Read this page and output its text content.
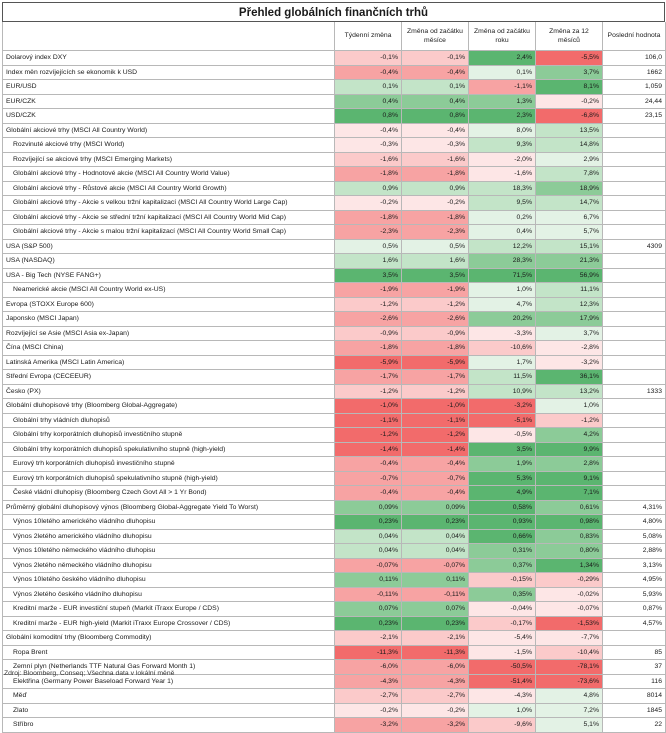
Přehled globálních finančních trhů
	Týdenní změna	Změna od začátku měsíce	Změna od začátku roku	Změna za 12 měsíců	Poslední hodnota
Dolarový index DXY	-0,1%	-0,1%	2,4%	-5,5%	106,0
Index měn rozvíjejících se ekonomik k USD	-0,4%	-0,4%	0,1%	3,7%	1662
EUR/USD	0,1%	0,1%	-1,1%	8,1%	1,059
EUR/CZK	0,4%	0,4%	1,3%	-0,2%	24,44
USD/CZK	0,8%	0,8%	2,3%	-6,8%	23,15
Globální akciové trhy (MSCI All Country World)	-0,4%	-0,4%	8,0%	13,5%	
Rozvinuté akciové trhy (MSCI World)	-0,3%	-0,3%	9,3%	14,8%	
Rozvíjející se akciové trhy (MSCI Emerging Markets)	-1,6%	-1,6%	-2,0%	2,9%	
Globální akciové trhy - Hodnotové akcie (MSCI All Country World Value)	-1,8%	-1,8%	-1,6%	7,8%	
Globální akciové trhy - Růstové akcie (MSCI All Country World Growth)	0,9%	0,9%	18,3%	18,9%	
Globální akciové trhy - Akcie s velkou tržní kapitalizací (MSCI All Country World Large Cap)	-0,2%	-0,2%	9,5%	14,7%	
Globální akciové trhy - Akcie se střední tržní kapitalizací (MSCI All Country World Mid Cap)	-1,8%	-1,8%	0,2%	6,7%	
Globální akciové trhy - Akcie s malou tržní kapitalizací (MSCI All Country World Small Cap)	-2,3%	-2,3%	0,4%	5,7%	
USA (S&P 500)	0,5%	0,5%	12,2%	15,1%	4309
USA (NASDAQ)	1,6%	1,6%	28,3%	21,3%	
USA - Big Tech (NYSE FANG+)	3,5%	3,5%	71,5%	56,9%	
Neamerické akcie (MSCI All Country World ex-US)	-1,9%	-1,9%	1,0%	11,1%	
Evropa (STOXX Europe 600)	-1,2%	-1,2%	4,7%	12,3%	
Japonsko (MSCI Japan)	-2,6%	-2,6%	20,2%	17,9%	
Rozvíjející se Asie (MSCI Asia ex-Japan)	-0,9%	-0,9%	-3,3%	3,7%	
Čína (MSCI China)	-1,8%	-1,8%	-10,6%	-2,8%	
Latinská Amerika (MSCI Latin America)	-5,9%	-5,9%	1,7%	-3,2%	
Střední Evropa (CECEEUR)	-1,7%	-1,7%	11,5%	36,1%	
Česko (PX)	-1,2%	-1,2%	10,9%	13,2%	1333
Globální dluhopisové trhy (Bloomberg Global-Aggregate)	-1,0%	-1,0%	-3,2%	1,0%	
Globální trhy vládních dluhopisů	-1,1%	-1,1%	-5,1%	-1,2%	
Globální trhy korporátních dluhopisů investičního stupně	-1,2%	-1,2%	-0,5%	4,2%	
Globální trhy korporátních dluhopisů spekulativního stupně (high-yield)	-1,4%	-1,4%	3,5%	9,9%	
Eurový trh korporátních dluhopisů investičního stupně	-0,4%	-0,4%	1,9%	2,8%	
Eurový trh korporátních dluhopisů spekulativního stupně (high-yield)	-0,7%	-0,7%	5,3%	9,1%	
České vládní dluhopisy (Bloomberg Czech Govt All > 1 Yr Bond)	-0,4%	-0,4%	4,9%	7,1%	
Průměrný globální dluhopisový výnos (Bloomberg Global-Aggregate Yield To Worst)	0,09%	0,09%	0,58%	0,61%	4,31%
Výnos 10letého amerického vládního dluhopisu	0,23%	0,23%	0,93%	0,98%	4,80%
Výnos 2letého amerického vládního dluhopisu	0,04%	0,04%	0,66%	0,83%	5,08%
Výnos 10letého německého vládního dluhopisu	0,04%	0,04%	0,31%	0,80%	2,88%
Výnos 2letého německého vládního dluhopisu	-0,07%	-0,07%	0,37%	1,34%	3,13%
Výnos 10letého českého vládního dluhopisu	0,11%	0,11%	-0,15%	-0,29%	4,95%
Výnos 2letého českého vládního dluhopisu	-0,11%	-0,11%	0,35%	-0,02%	5,93%
Kreditní marže - EUR investiční stupeň (Markit iTraxx Europe / CDS)	0,07%	0,07%	-0,04%	-0,07%	0,87%
Kreditní marže - EUR high-yield (Markit iTraxx Europe Crossover / CDS)	0,23%	0,23%	-0,17%	-1,53%	4,57%
Globální komoditní trhy (Bloomberg Commodity)	-2,1%	-2,1%	-5,4%	-7,7%	
Ropa Brent	-11,3%	-11,3%	-1,5%	-10,4%	85
Zemní plyn (Netherlands TTF Natural Gas Forward Month 1)	-6,0%	-6,0%	-50,5%	-78,1%	37
Elektřina (Germany Power Baseload Forward Year 1)	-4,3%	-4,3%	-51,4%	-73,6%	116
Měď	-2,7%	-2,7%	-4,3%	4,8%	8014
Zlato	-0,2%	-0,2%	1,0%	7,2%	1845
Stříbro	-3,2%	-3,2%	-9,6%	5,1%	22
Zdroj: Bloomberg, Conseq; Všechna data v lokální měně
